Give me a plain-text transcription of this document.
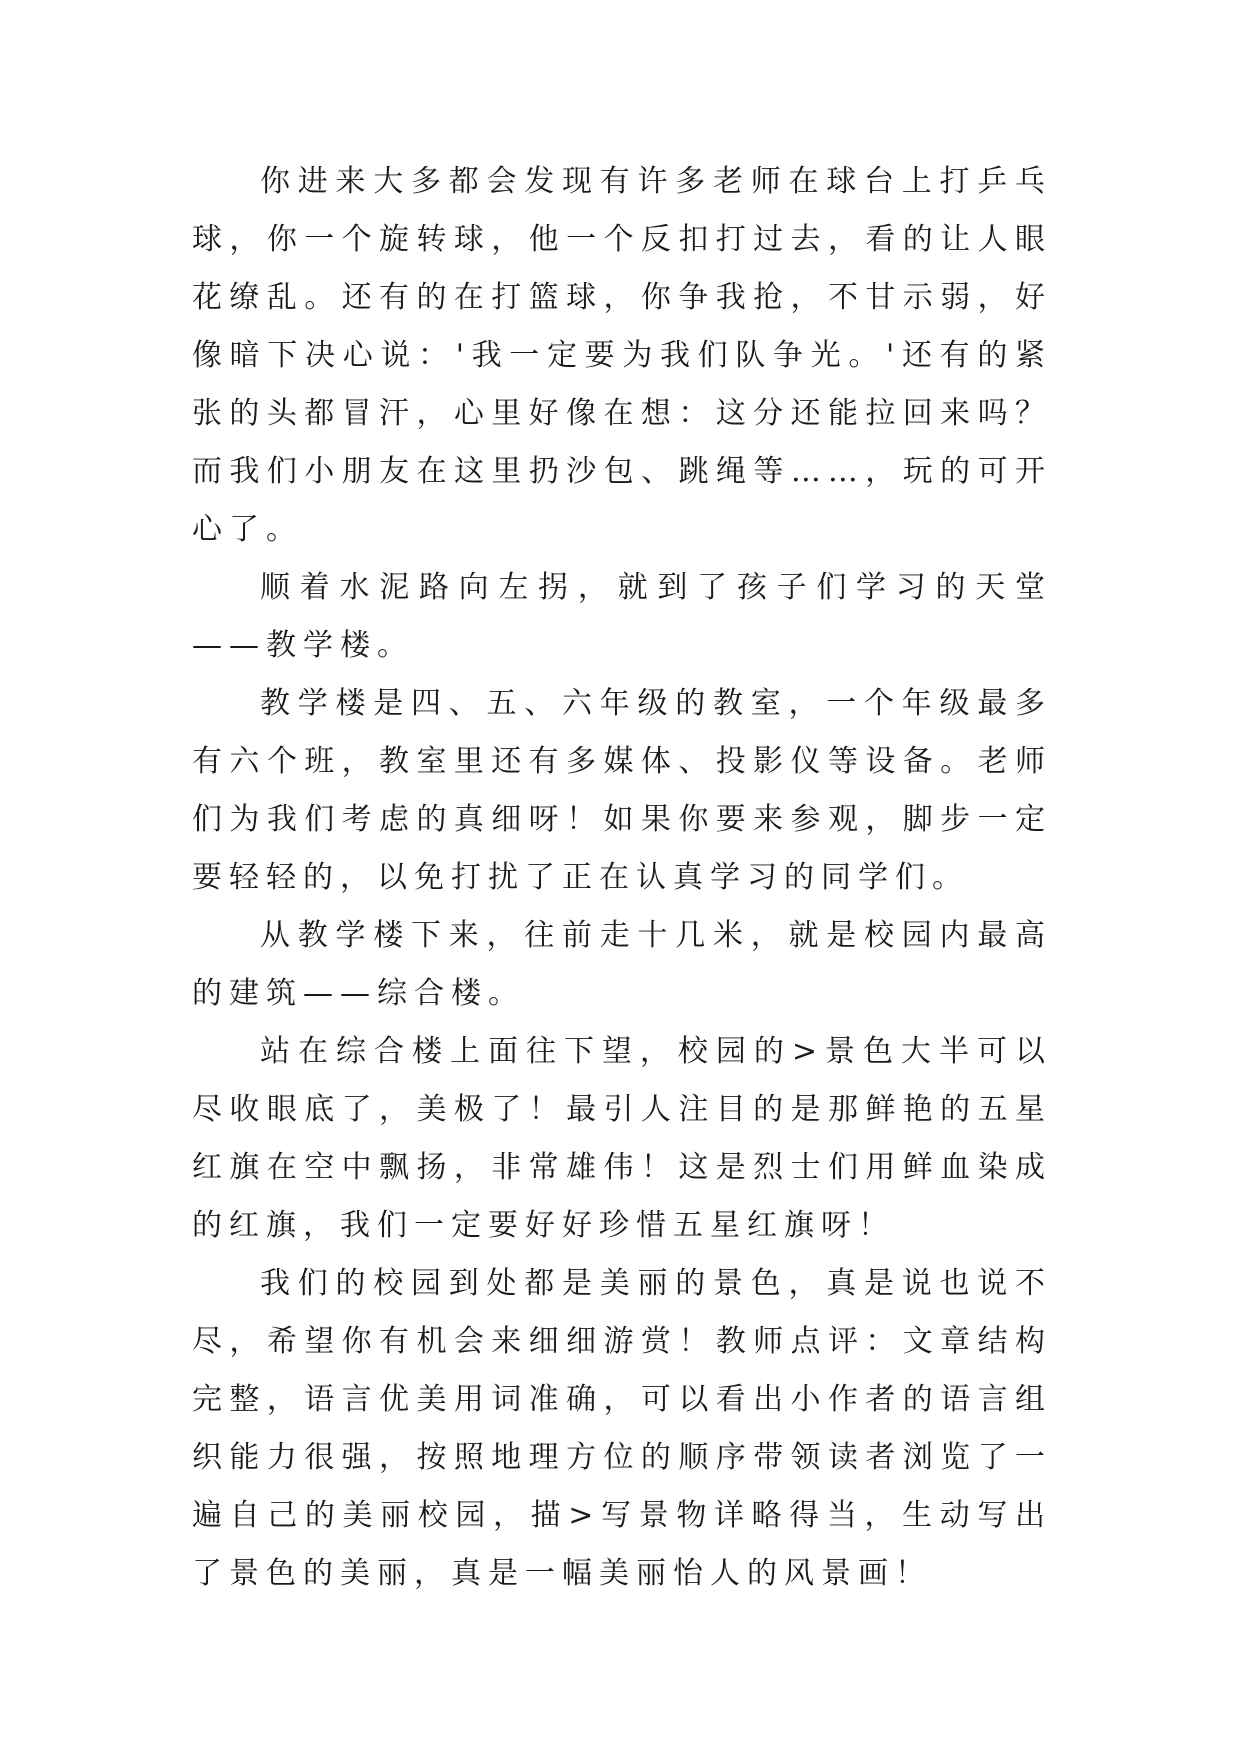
你进来大多都会发现有许多老师在球台上打乒乓球，你一个旋转球，他一个反扣打过去，看的让人眼花缭乱。还有的在打篮球，你争我抢，不甘示弱，好像暗下决心说：'我一定要为我们队争光。'还有的紧张的头都冒汗，心里好像在想：这分还能拉回来吗？而我们小朋友在这里扔沙包、跳绳等……，玩的可开心了。

顺着水泥路向左拐，就到了孩子们学习的天堂——教学楼。

教学楼是四、五、六年级的教室，一个年级最多有六个班，教室里还有多媒体、投影仪等设备。老师们为我们考虑的真细呀！如果你要来参观，脚步一定要轻轻的，以免打扰了正在认真学习的同学们。

从教学楼下来，往前走十几米，就是校园内最高的建筑——综合楼。

站在综合楼上面往下望，校园的>景色大半可以尽收眼底了，美极了！最引人注目的是那鲜艳的五星红旗在空中飘扬，非常雄伟！这是烈士们用鲜血染成的红旗，我们一定要好好珍惜五星红旗呀！

我们的校园到处都是美丽的景色，真是说也说不尽，希望你有机会来细细游赏！教师点评：文章结构完整，语言优美用词准确，可以看出小作者的语言组织能力很强，按照地理方位的顺序带领读者浏览了一遍自己的美丽校园，描>写景物详略得当，生动写出了景色的美丽，真是一幅美丽怡人的风景画！
